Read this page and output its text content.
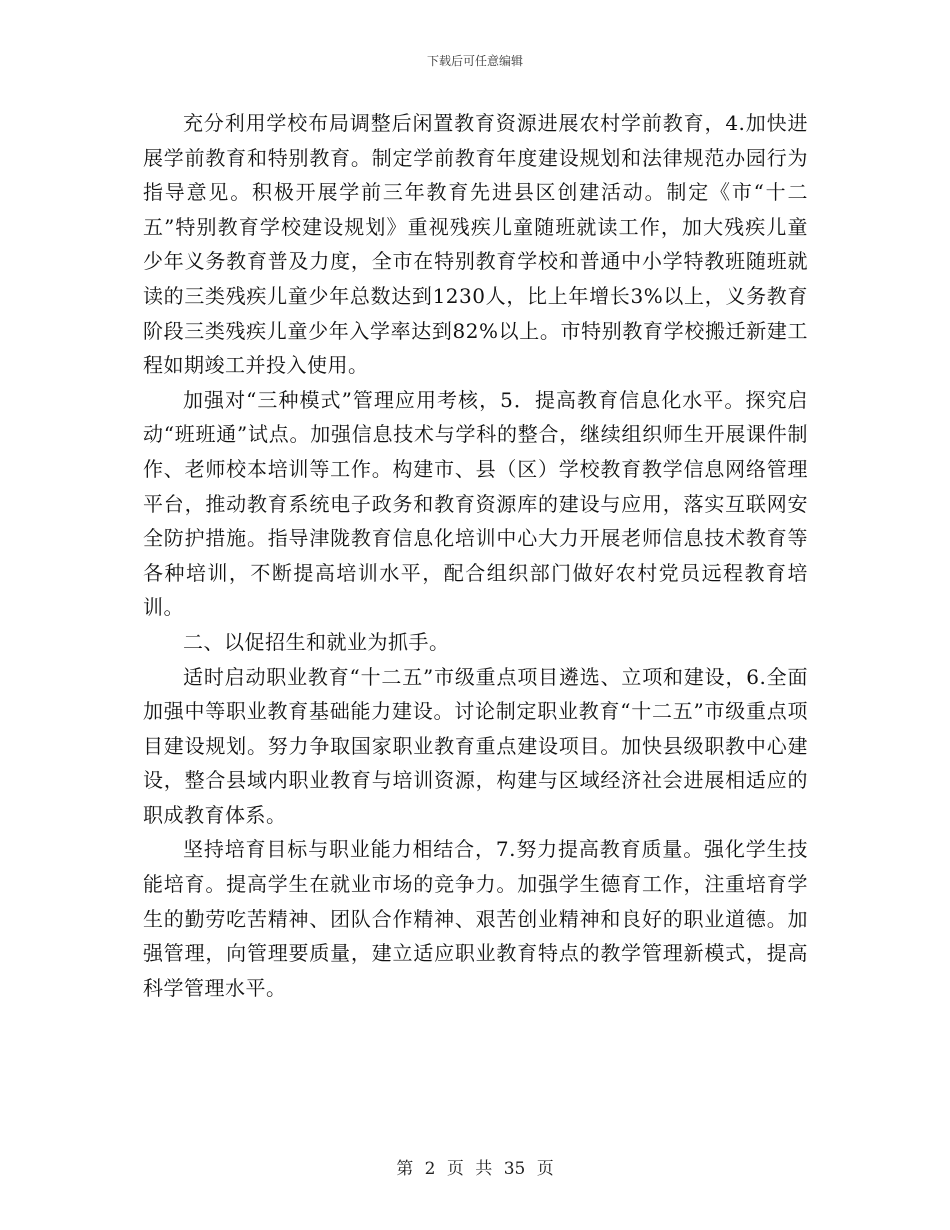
下载后可任意编辑

充分利用学校布局调整后闲置教育资源进展农村学前教育，4.加快进展学前教育和特别教育。制定学前教育年度建设规划和法律规范办园行为指导意见。积极开展学前三年教育先进县区创建活动。制定《市“十二五”特别教育学校建设规划》重视残疾儿童随班就读工作，加大残疾儿童少年义务教育普及力度，全市在特别教育学校和普通中小学特教班随班就读的三类残疾儿童少年总数达到1230人，比上年增长3%以上，义务教育阶段三类残疾儿童少年入学率达到82%以上。市特别教育学校搬迁新建工程如期竣工并投入使用。

加强对“三种模式”管理应用考核，5．提高教育信息化水平。探究启动“班班通”试点。加强信息技术与学科的整合，继续组织师生开展课件制作、老师校本培训等工作。构建市、县（区）学校教育教学信息网络管理平台，推动教育系统电子政务和教育资源库的建设与应用，落实互联网安全防护措施。指导津陇教育信息化培训中心大力开展老师信息技术教育等各种培训，不断提高培训水平，配合组织部门做好农村党员远程教育培训。

二、以促招生和就业为抓手。

适时启动职业教育“十二五”市级重点项目遴选、立项和建设，6.全面加强中等职业教育基础能力建设。讨论制定职业教育“十二五”市级重点项目建设规划。努力争取国家职业教育重点建设项目。加快县级职教中心建设，整合县域内职业教育与培训资源，构建与区域经济社会进展相适应的职成教育体系。

坚持培育目标与职业能力相结合，7.努力提高教育质量。强化学生技能培育。提高学生在就业市场的竞争力。加强学生德育工作，注重培育学生的勤劳吃苦精神、团队合作精神、艰苦创业精神和良好的职业道德。加强管理，向管理要质量，建立适应职业教育特点的教学管理新模式，提高科学管理水平。

第 2 页 共 35 页
